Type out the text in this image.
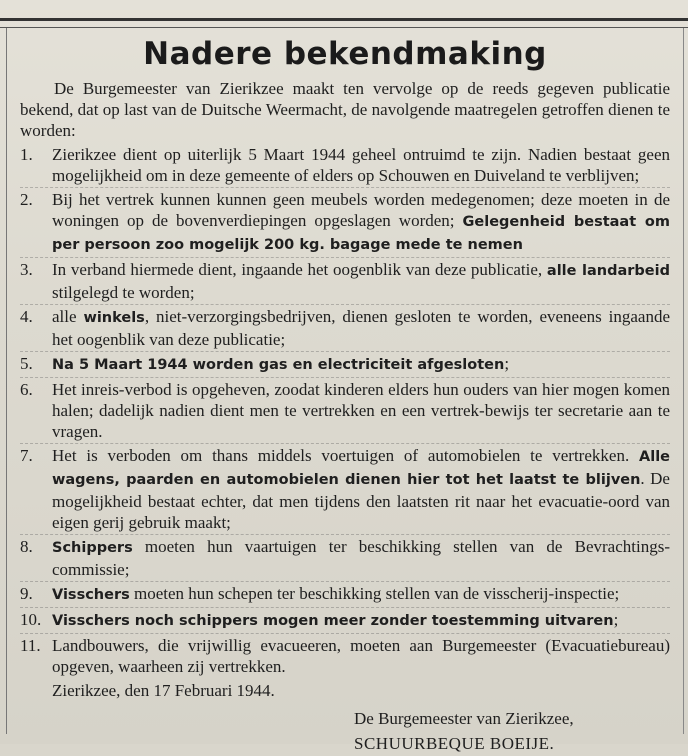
Nadere bekendmaking

De Burgemeester van Zierikzee maakt ten vervolge op de reeds gegeven publicatie bekend, dat op last van de Duitsche Weermacht, de navolgende maatregelen getroffen dienen te worden:

1.	Zierikzee dient op uiterlijk 5 Maart 1944 geheel ontruimd te zijn. Nadien bestaat geen mogelijkheid om in deze gemeente of elders op Schouwen en Duiveland te verblijven;
2.	Bij het vertrek kunnen kunnen geen meubels worden medegenomen; deze moeten in de woningen op de bovenverdiepingen opgeslagen worden; Gelegenheid bestaat om per persoon zoo mogelijk 200 kg. bagage mede te nemen
3.	In verband hiermede dient, ingaande het oogenblik van deze publicatie, alle landarbeid stilgelegd te worden;
4.	alle winkels, niet-verzorgingsbedrijven, dienen gesloten te worden, eveneens ingaande het oogenblik van deze publicatie;
5.	Na 5 Maart 1944 worden gas en electriciteit afgesloten;
6.	Het inreis-verbod is opgeheven, zoodat kinderen elders hun ouders van hier mogen komen halen; dadelijk nadien dient men te vertrekken en een vertrek-bewijs ter secretarie aan te vragen.
7.	Het is verboden om thans middels voertuigen of automobielen te vertrekken. Alle wagens, paarden en automobielen dienen hier tot het laatst te blijven. De mogelijkheid bestaat echter, dat men tijdens den laatsten rit naar het evacuatie-oord van eigen gerij gebruik maakt;
8.	Schippers moeten hun vaartuigen ter beschikking stellen van de Bevrachtings-commissie;
9.	Visschers moeten hun schepen ter beschikking stellen van de visscherij-inspectie;
10. Visschers noch schippers mogen meer zonder toestemming uitvaren;
11. Landbouwers, die vrijwillig evacueeren, moeten aan Burgemeester (Evacuatiebureau) opgeven, waarheen zij vertrekken.
Zierikzee, den 17 Februari 1944.
De Burgemeester van Zierikzee,
SCHUURBEQUE BOEIJE.
